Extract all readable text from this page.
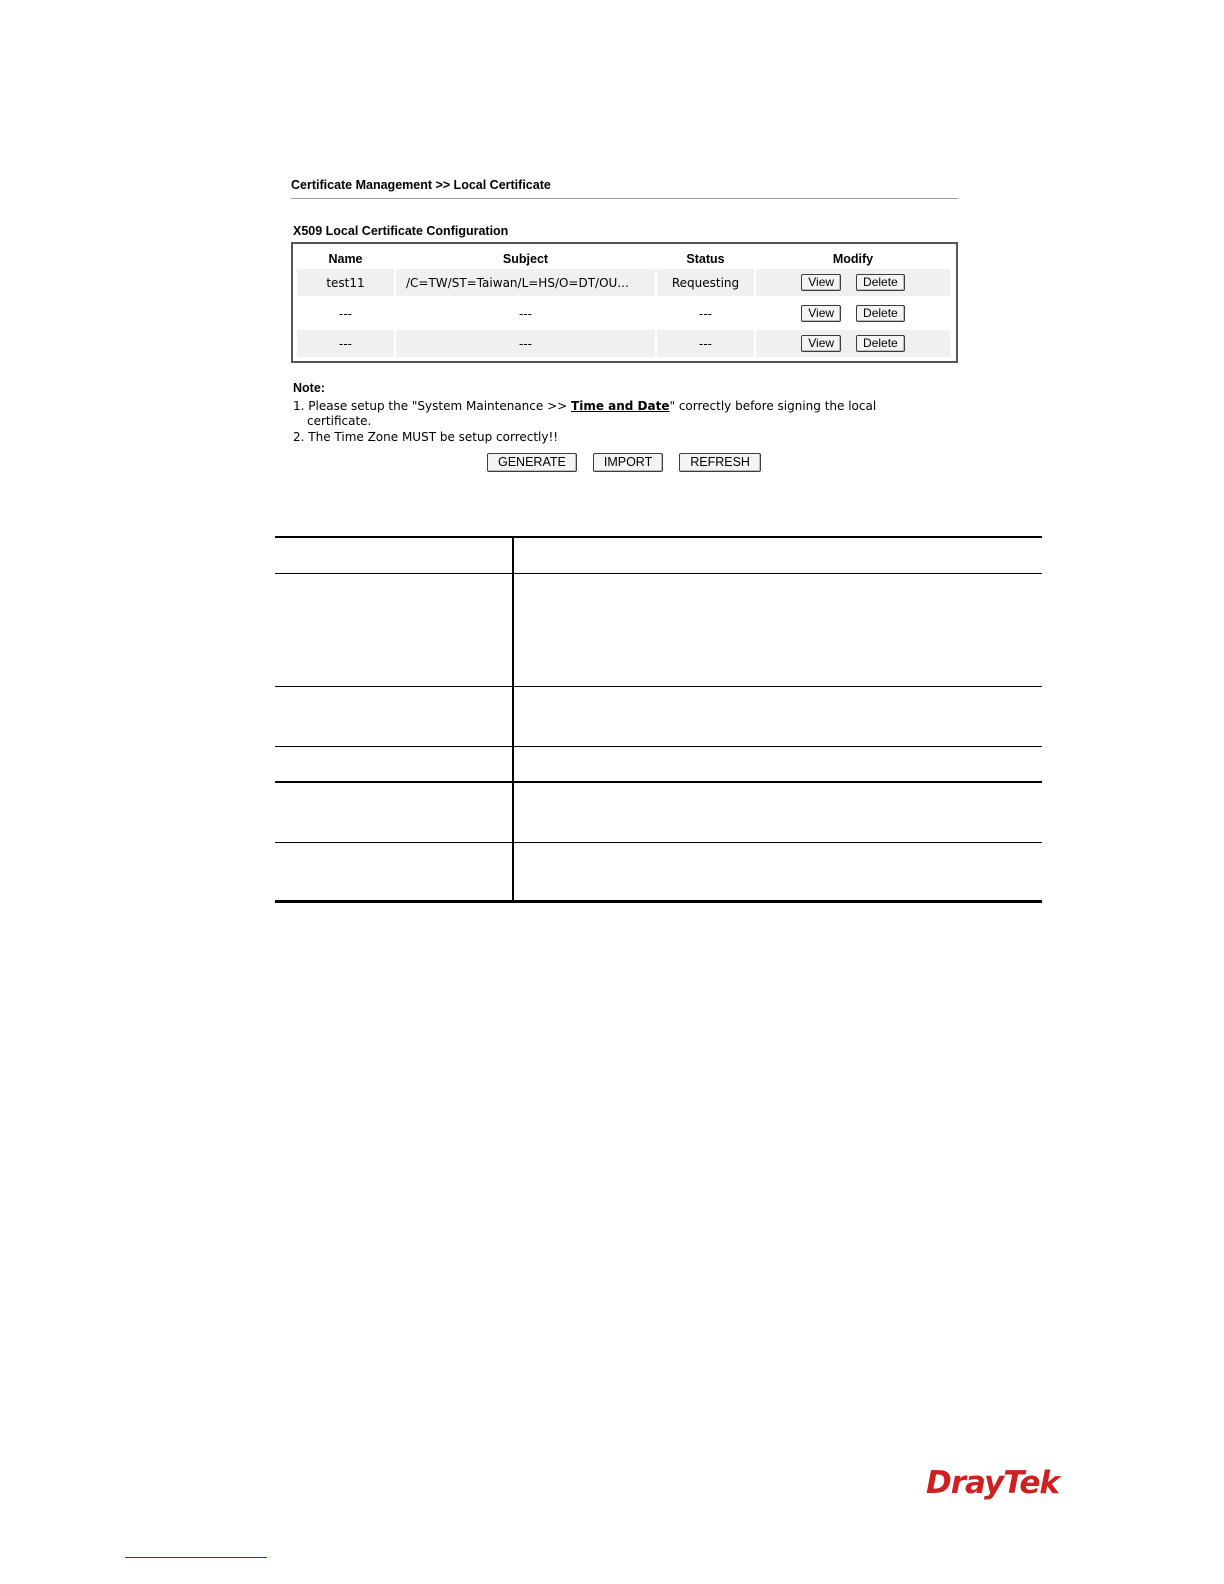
Certificate Management >> Local Certificate
X509 Local Certificate Configuration
Name	Subject	Status	Modify
test11	/C=TW/ST=Taiwan/L=HS/O=DT/OU...	Requesting	View	Delete
---	---	---	View	Delete
---	---	---	View	Delete
Note:
1. Please setup the "System Maintenance >> Time and Date" correctly before signing the local certificate.
2. The Time Zone MUST be setup correctly!!
GENERATE	IMPORT	REFRESH
DrayTek
